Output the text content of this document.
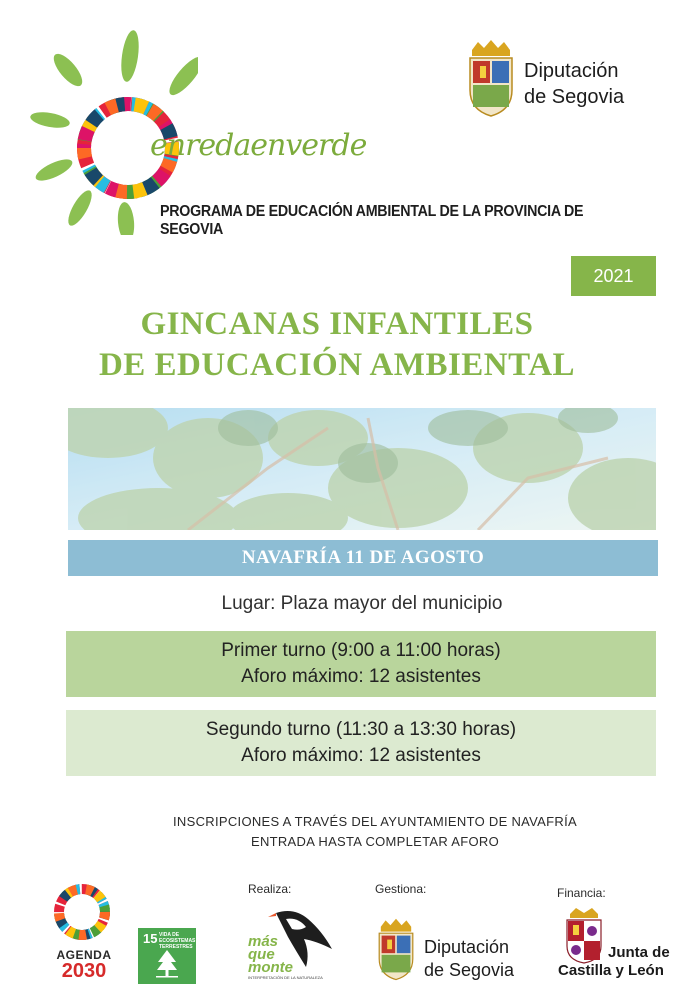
enredaenverde
PROGRAMA DE EDUCACIÓN AMBIENTAL DE LA PROVINCIA DE SEGOVIA
Diputación
de Segovia
2021
GINCANAS INFANTILES
DE EDUCACIÓN AMBIENTAL
NAVAFRÍA 11 DE AGOSTO
Lugar: Plaza mayor del municipio
Primer turno (9:00 a 11:00 horas)
Aforo máximo: 12 asistentes
Segundo turno (11:30 a 13:30 horas)
Aforo máximo: 12 asistentes
INSCRIPCIONES A TRAVÉS DEL AYUNTAMIENTO DE NAVAFRÍA
ENTRADA HASTA COMPLETAR AFORO
AGENDA
2030
15 VIDA DE ECOSISTEMAS TERRESTRES
Realiza:
más
que
monte
INTERPRETACIÓN DE LA NATURALEZA
Gestiona:
Diputación
de Segovia
Financia:
Junta de
Castilla y León
